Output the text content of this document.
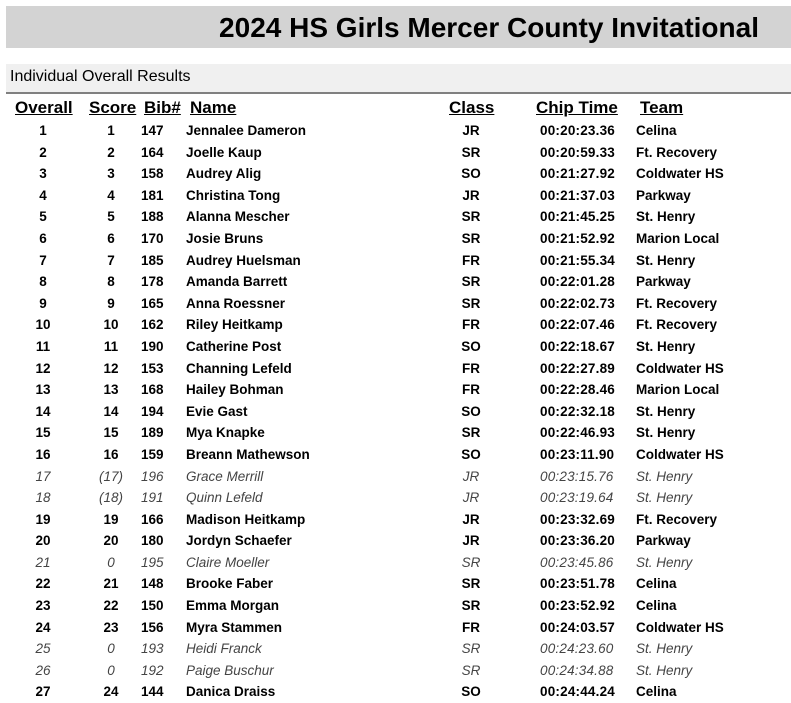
2024 HS Girls Mercer County Invitational
Individual Overall Results
Overall Score Bib# Name	Class Chip Time Team
1	1 147 Jennalee Dameron	JR	00:20:23.36 Celina
2	2 164 Joelle Kaup	SR	00:20:59.33 Ft. Recovery
3	3 158 Audrey Alig	SO	00:21:27.92 Coldwater HS
4	4 181 Christina Tong	JR	00:21:37.03 Parkway
5	5 188 Alanna Mescher	SR	00:21:45.25 St. Henry
6	6 170 Josie Bruns	SR	00:21:52.92 Marion Local
7	7 185 Audrey Huelsman	FR	00:21:55.34 St. Henry
8	8 178 Amanda Barrett	SR	00:22:01.28 Parkway
9	9 165 Anna Roessner	SR	00:22:02.73 Ft. Recovery
10	10	162 Riley Heitkamp	FR	00:22:07.46 Ft. Recovery
11	11	190 Catherine Post	SO	00:22:18.67 St. Henry
12	12	153 Channing Lefeld	FR	00:22:27.89 Coldwater HS
13	13	168 Hailey Bohman	FR	00:22:28.46 Marion Local
14	14	194 Evie Gast	SO	00:22:32.18 St. Henry
15	15	189 Mya Knapke	SR	00:22:46.93 St. Henry
16	16	159 Breann Mathewson	SO	00:23:11.90 Coldwater HS
17	(17)	196 Grace Merrill	JR	00:23:15.76 St. Henry
18	(18)	191 Quinn Lefeld	JR	00:23:19.64 St. Henry
19	19	166 Madison Heitkamp	JR	00:23:32.69 Ft. Recovery
20	20	180 Jordyn Schaefer	JR	00:23:36.20 Parkway
21	0 195 Claire Moeller	SR	00:23:45.86 St. Henry
22	21	148 Brooke Faber	SR	00:23:51.78 Celina
23	22	150 Emma Morgan	SR	00:23:52.92 Celina
24	23	156 Myra Stammen	FR	00:24:03.57 Coldwater HS
25	0 193 Heidi Franck	SR	00:24:23.60 St. Henry
26	0 192 Paige Buschur	SR	00:24:34.88 St. Henry
27	24	144 Danica Draiss	SO	00:24:44.24 Celina
